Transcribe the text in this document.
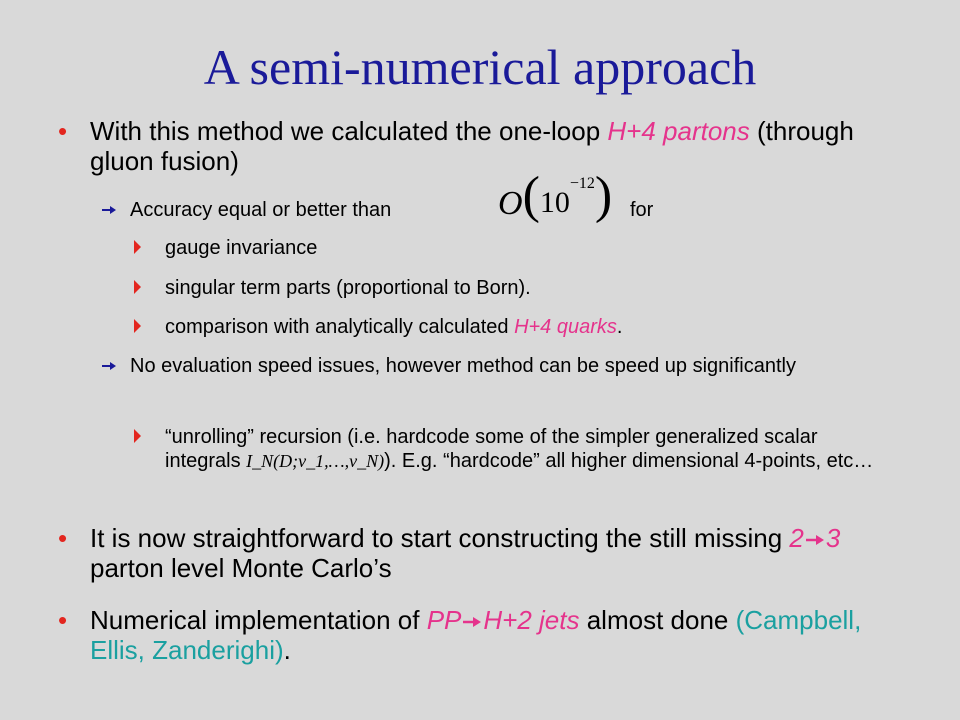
A semi-numerical approach
• With this method we calculated the one-loop H+4 partons (through gluon fusion)
Accuracy equal or better than	$O(10^{-12})$ for
gauge invariance
singular term parts (proportional to Born).
comparison with analytically calculated H+4 quarks.
No evaluation speed issues, however method can be speed up significantly
“unrolling” recursion (i.e. hardcode some of the simpler generalized scalar integrals I_N(D;ν_1,…,ν_N)). E.g. “hardcode” all higher dimensional 4-points, etc…
• It is now straightforward to start constructing the still missing 2 3 parton level Monte Carlo’s
• Numerical implementation of PP H+2 jets almost done (Campbell, Ellis, Zanderighi).
